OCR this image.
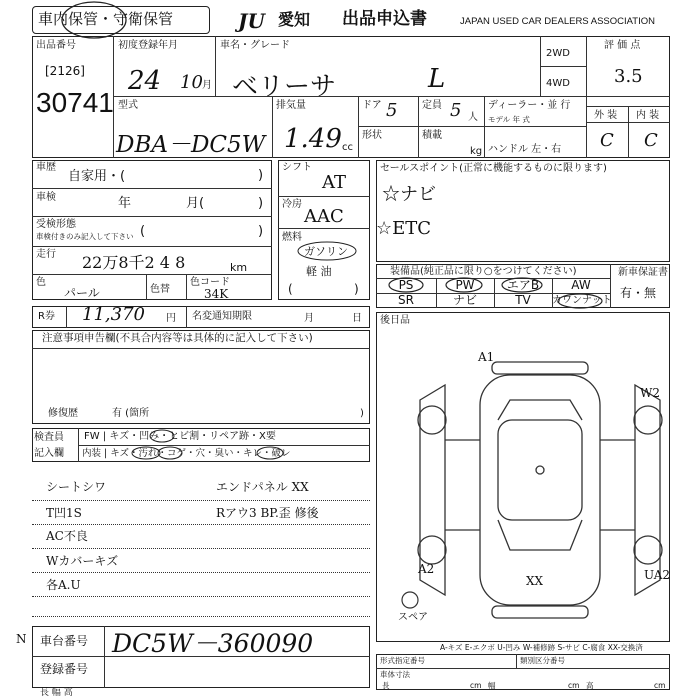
車内保管・守衛保管	JU 愛知 出品申込書	JAPAN USED CAR DEALERS ASSOCIATION
出品番号
[2126]
30741
初度登録年月
24 10 月
車名・グレード
ベリーサ	L
2WD
4WD
評 価 点
3.5
型式
DBA－DC5W
排気量
1.49 cc
ドア 5 定員 5 人
ディーラー・並 行
モデル 年 式
形状	積載
kg ハンドル 左・右
外 装 内 装
C C
車歴
自家用・(	)
車検	年	月(	)
受検形態
車検付きのみ記入して下さい (	)
走行 22万8千2 4 8	km
色
パール	色替
色コード
34K
R券 11,370 円 名変通知期限	月	日
シフト
AT
冷房
AAC
燃料
ガソリン
軽 油
(	)
セールスポイント(正常に機能するものに限ります)
☆ナビ
☆ETC
装備品(純正品に限り○をつけてください)
PS	PW	エアB	AW
SR	ナビ	TV	カワンナット
新車保証書
有・無
注意事項申告欄(不具合内容等は具体的に記入して下さい)
修復歴	有 (箇所	)
検査員
記入欄
FW | キズ・凹み・ヒビ割・リペア跡・X要
内装 | キズ・汚れ・コゲ・穴・臭い・キレ・破レ
シートシワ
T凹1S
AC不良
Wカバーキズ
各A.U
エンドパネル XX
Rアウ3 BP.歪 修後
N
後日品
A1
W2
A2
XX	UA2
スペア
A-キズ E-エクボ U-凹み W-補修跡 S-サビ C-腐食 XX-交換済
車台番号 DC5W－360090
登録番号
長 幅 高
形式指定番号	類別区分番号
車体寸法
長	cm 幅	cm 高	cm
